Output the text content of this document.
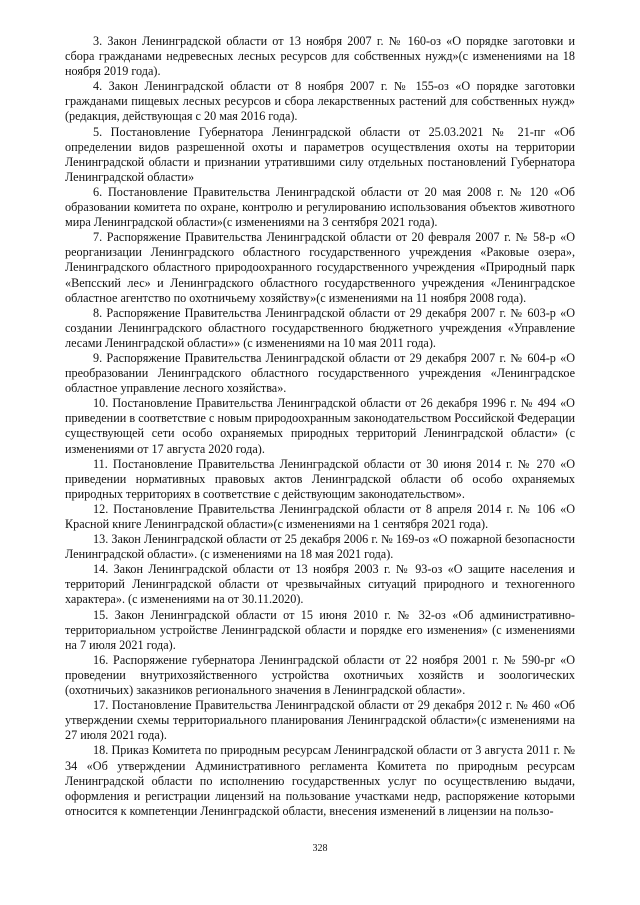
3. Закон Ленинградской области от 13 ноября 2007 г. № 160-оз «О порядке заготовки и сбора гражданами недревесных лесных ресурсов для собственных нужд»(с изменениями на 18 ноября 2019 года).

4. Закон Ленинградской области от 8 ноября 2007 г. № 155-оз «О порядке заготовки гражданами пищевых лесных ресурсов и сбора лекарственных растений для собственных нужд» (редакция, действующая с 20 мая 2016 года).

5. Постановление Губернатора Ленинградской области от 25.03.2021 № 21-пг «Об определении видов разрешенной охоты и параметров осуществления охоты на территории Ленинградской области и признании утратившими силу отдельных постановлений Губернатора Ленинградской области»

6. Постановление Правительства Ленинградской области от 20 мая 2008 г. № 120 «Об образовании комитета по охране, контролю и регулированию использования объектов животного мира Ленинградской области»(с изменениями на 3 сентября 2021 года).

7. Распоряжение Правительства Ленинградской области от 20 февраля 2007 г. № 58-р «О реорганизации Ленинградского областного государственного учреждения «Раковые озера», Ленинградского областного природоохранного государственного учреждения «Природный парк «Вепсский лес» и Ленинградского областного государственного учреждения «Ленинградское областное агентство по охотничьему хозяйству»(с изменениями на 11 ноября 2008 года).

8. Распоряжение Правительства Ленинградской области от 29 декабря 2007 г. № 603-р «О создании Ленинградского областного государственного бюджетного учреждения «Управление лесами Ленинградской области»» (с изменениями на 10 мая 2011 года).

9. Распоряжение Правительства Ленинградской области от 29 декабря 2007 г. № 604-р «О преобразовании Ленинградского областного государственного учреждения «Ленинградское областное управление лесного хозяйства».

10. Постановление Правительства Ленинградской области от 26 декабря 1996 г. № 494 «О приведении в соответствие с новым природоохранным законодательством Российской Федерации существующей сети особо охраняемых природных территорий Ленинградской области» (с изменениями от 17 августа 2020 года).

11. Постановление Правительства Ленинградской области от 30 июня 2014 г. № 270 «О приведении нормативных правовых актов Ленинградской области об особо охраняемых природных территориях в соответствие с действующим законодательством».

12. Постановление Правительства Ленинградской области от 8 апреля 2014 г. № 106 «О Красной книге Ленинградской области»(с изменениями на 1 сентября 2021 года).

13. Закон Ленинградской области от 25 декабря 2006 г. № 169-оз «О пожарной безопасности Ленинградской области». (с изменениями на 18 мая 2021 года).

14. Закон Ленинградской области от 13 ноября 2003 г. № 93-оз «О защите населения и территорий Ленинградской области от чрезвычайных ситуаций природного и техногенного характера». (с изменениями на от 30.11.2020).

15. Закон Ленинградской области от 15 июня 2010 г. № 32-оз «Об административно-территориальном устройстве Ленинградской области и порядке его изменения» (с изменениями на 7 июля 2021 года).

16. Распоряжение губернатора Ленинградской области от 22 ноября 2001 г. № 590-рг «О проведении внутрихозяйственного устройства охотничьих хозяйств и зоологических (охотничьих) заказников регионального значения в Ленинградской области».

17. Постановление Правительства Ленинградской области от 29 декабря 2012 г. № 460 «Об утверждении схемы территориального планирования Ленинградской области»(с изменениями на 27 июля 2021 года).

18. Приказ Комитета по природным ресурсам Ленинградской области от 3 августа 2011 г. № 34 «Об утверждении Административного регламента Комитета по природным ресурсам Ленинградской области по исполнению государственных услуг по осуществлению выдачи, оформления и регистрации лицензий на пользование участками недр, распоряжение которыми относится к компетенции Ленинградской области, внесения изменений в лицензии на пользо-

328
